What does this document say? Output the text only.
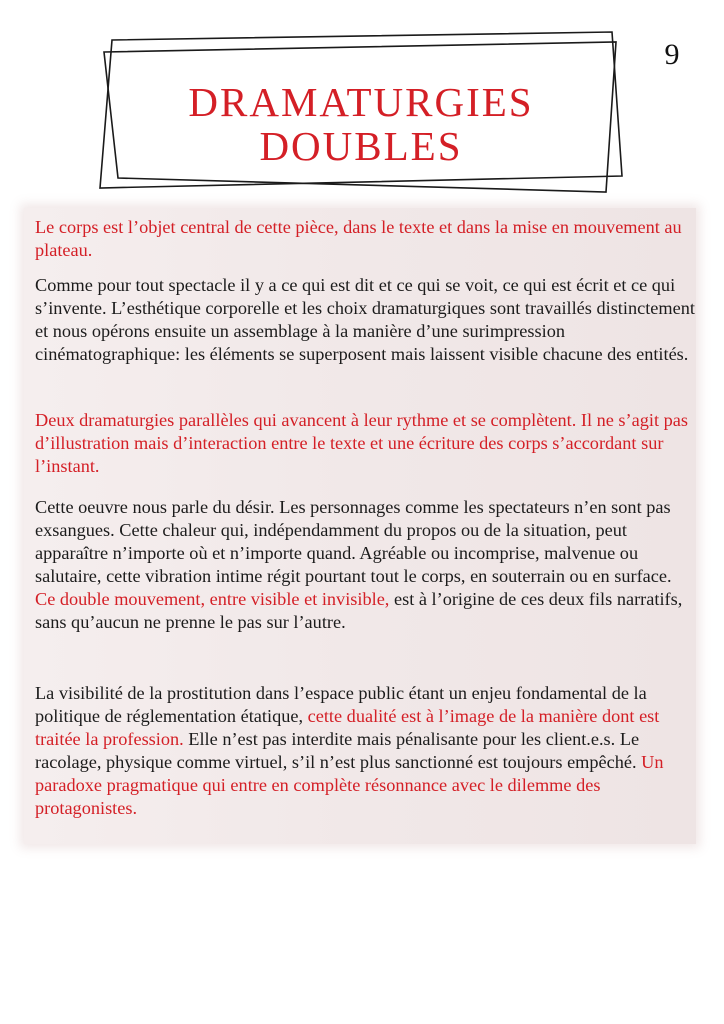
9
DRAMATURGIES
DOUBLES

Le corps est l’objet central de cette pièce, dans le texte et dans la mise en mouvement au plateau.

Comme pour tout spectacle il y a ce qui est dit et ce qui se voit, ce qui est écrit et ce qui s’invente. L’esthétique corporelle et les choix dramaturgiques sont travaillés distinctement et nous opérons ensuite un assemblage à la manière d’une surimpression cinématographique: les éléments se superposent mais laissent visible chacune des entités.

Deux dramaturgies parallèles qui avancent à leur rythme et se complètent. Il ne s’agit pas d’illustration mais d’interaction entre le texte et une écriture des corps s’accordant sur l’instant.

Cette oeuvre nous parle du désir. Les personnages comme les spectateurs n’en sont pas exsangues. Cette chaleur qui, indépendamment du propos ou de la situation, peut apparaître n’importe où et n’importe quand. Agréable ou incomprise, malvenue ou salutaire, cette vibration intime régit pourtant tout le corps, en souterrain ou en surface. Ce double mouvement, entre visible et invisible, est à l’origine de ces deux fils narratifs, sans qu’aucun ne prenne le pas sur l’autre.

La visibilité de la prostitution dans l’espace public étant un enjeu fondamental de la politique de réglementation étatique, cette dualité est à l’image de la manière dont est traitée la profession. Elle n’est pas interdite mais pénalisante pour les client.e.s. Le racolage, physique comme virtuel, s’il n’est plus sanctionné est toujours empêché. Un paradoxe pragmatique qui entre en complète résonnance avec le dilemme des protagonistes.
